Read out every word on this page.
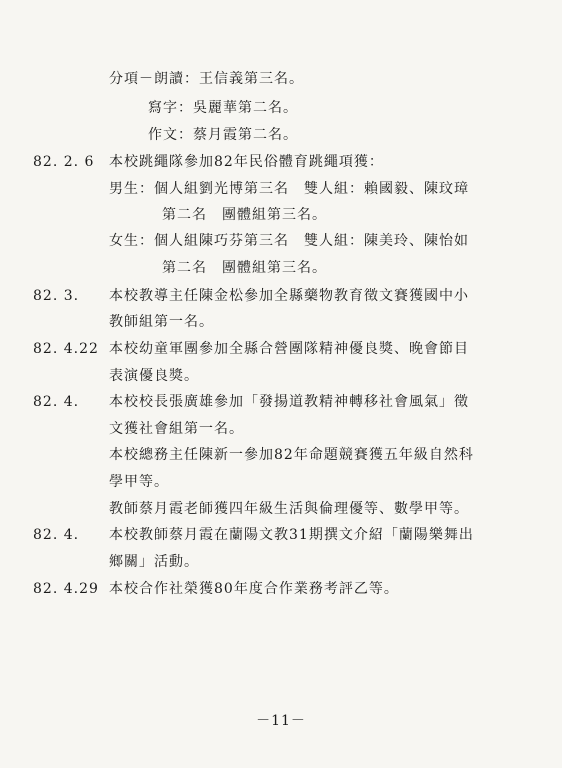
分項－朗讀：王信義第三名。
寫字：吳麗華第二名。
作文：蔡月霞第二名。
82. 2. 6 本校跳繩隊參加82年民俗體育跳繩項獲：
男生：個人組劉光博第三名　雙人組：賴國毅、陳玟璋
第二名　團體組第三名。
女生：個人組陳巧芬第三名　雙人組：陳美玲、陳怡如
第二名　團體組第三名。
82. 3. 本校教導主任陳金松參加全縣藥物教育徵文賽獲國中小
教師組第一名。
82. 4.22 本校幼童軍團參加全縣合營團隊精神優良獎、晚會節目
表演優良獎。
82. 4. 本校校長張廣雄參加「發揚道教精神轉移社會風氣」徵
文獲社會組第一名。
本校總務主任陳新一參加82年命題競賽獲五年級自然科
學甲等。
教師蔡月霞老師獲四年級生活與倫理優等、數學甲等。
82. 4. 本校教師蔡月霞在蘭陽文教31期撰文介紹「蘭陽樂舞出
鄉關」活動。
82. 4.29 本校合作社榮獲80年度合作業務考評乙等。
－11－
